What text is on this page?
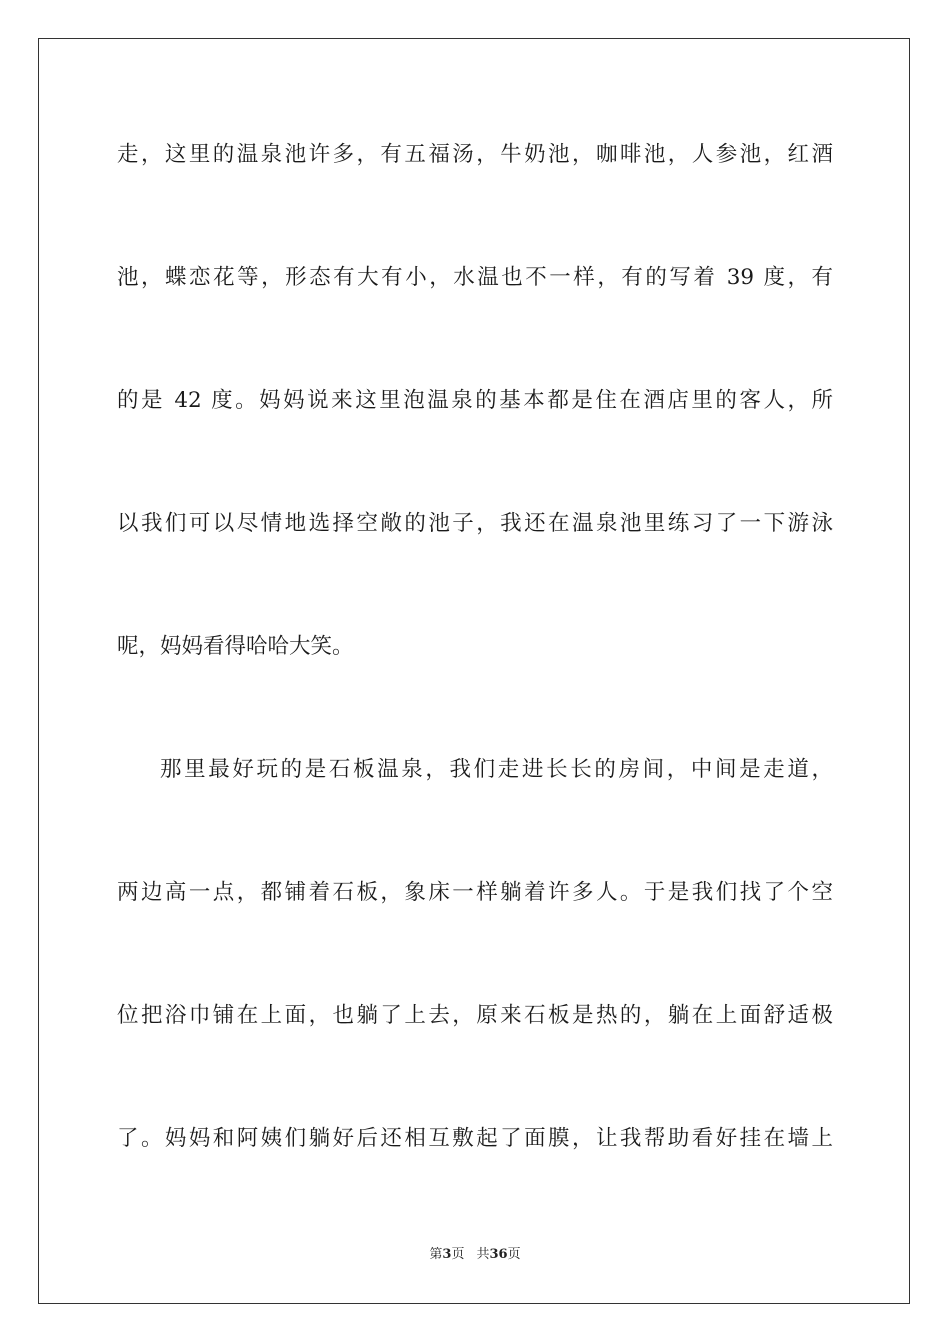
走，这里的温泉池许多，有五福汤，牛奶池，咖啡池，人参池，红酒
池，蝶恋花等，形态有大有小，水温也不一样，有的写着 39 度，有
的是 42 度。妈妈说来这里泡温泉的基本都是住在酒店里的客人，所
以我们可以尽情地选择空敞的池子，我还在温泉池里练习了一下游泳
呢，妈妈看得哈哈大笑。
那里最好玩的是石板温泉，我们走进长长的房间，中间是走道，
两边高一点，都铺着石板，象床一样躺着许多人。于是我们找了个空
位把浴巾铺在上面，也躺了上去，原来石板是热的，躺在上面舒适极
了。妈妈和阿姨们躺好后还相互敷起了面膜，让我帮助看好挂在墙上
第3页 共36页
